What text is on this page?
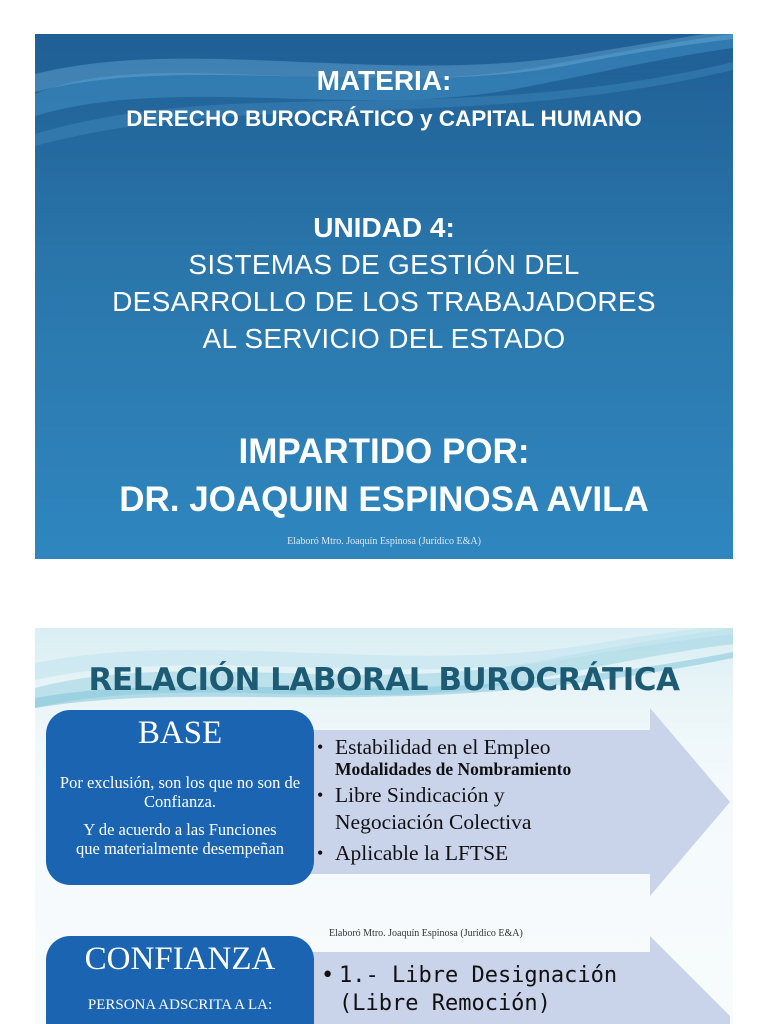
MATERIA:
DERECHO BUROCRÁTICO y CAPITAL HUMANO
UNIDAD 4:
SISTEMAS DE GESTIÓN DEL
DESARROLLO DE LOS TRABAJADORES
AL SERVICIO DEL ESTADO
IMPARTIDO POR:
DR. JOAQUIN ESPINOSA AVILA
Elaboró Mtro. Joaquín Espinosa (Jurídico E&A)
RELACIÓN LABORAL BUROCRÁTICA
BASE
Por exclusión, son los que no son de Confianza.
Y de acuerdo a las Funciones que materialmente desempeñan
• Estabilidad en el Empleo
Modalidades de Nombramiento
• Libre Sindicación y Negociación Colectiva
• Aplicable la LFTSE
Elaboró Mtro. Joaquín Espinosa (Jurídico E&A)
CONFIANZA
PERSONA ADSCRITA A LA:
• 1.- Libre Designación
(Libre Remoción)
